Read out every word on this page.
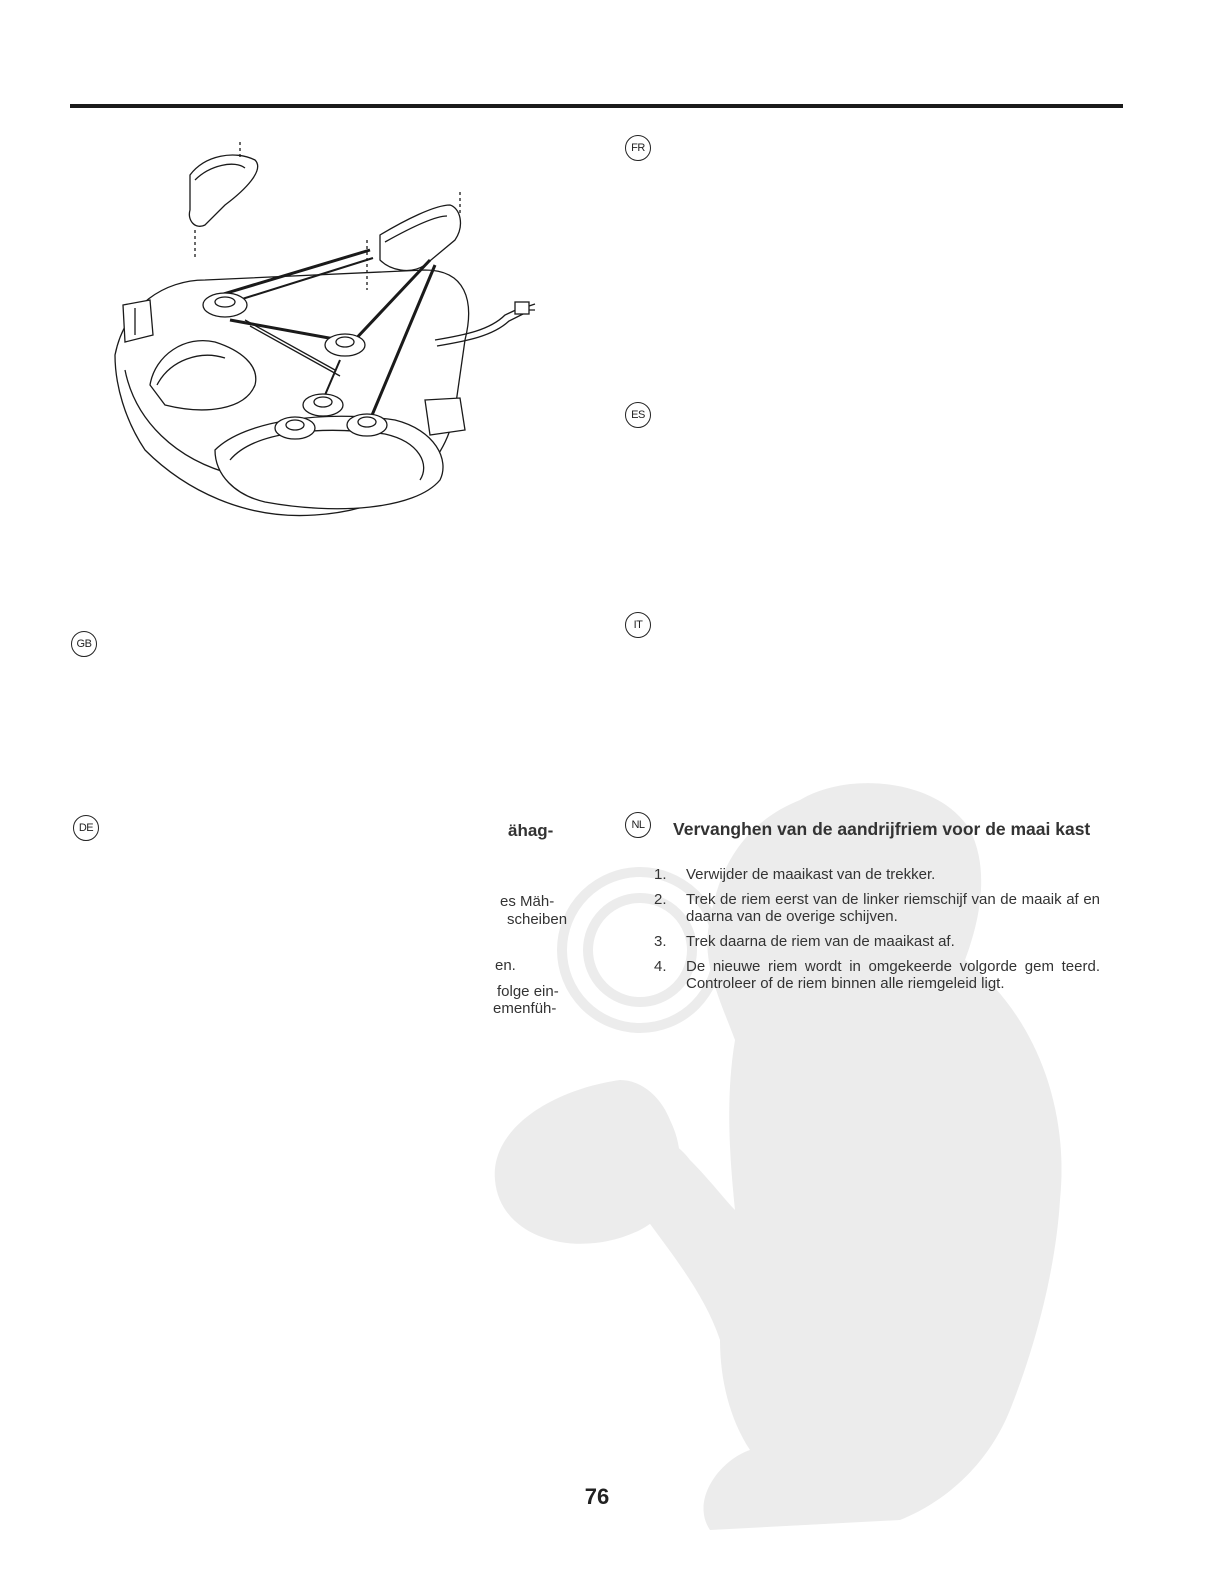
FR
ES
IT
GB
DE	NL
ähag-
es Mäh-
scheiben
en.
folge ein-
emenfüh-
Vervanghen van de aandrijfriem voor de maai kast
1. Verwijder de maaikast van de trekker.
2. Trek de riem eerst van de linker riemschijf van de maaik af en daarna van de overige schijven.
3. Trek daarna de riem van de maaikast af.
4. De nieuwe riem wordt in omgekeerde volgorde gem teerd. Controleer of de riem binnen alle riemgeleid ligt.
76
